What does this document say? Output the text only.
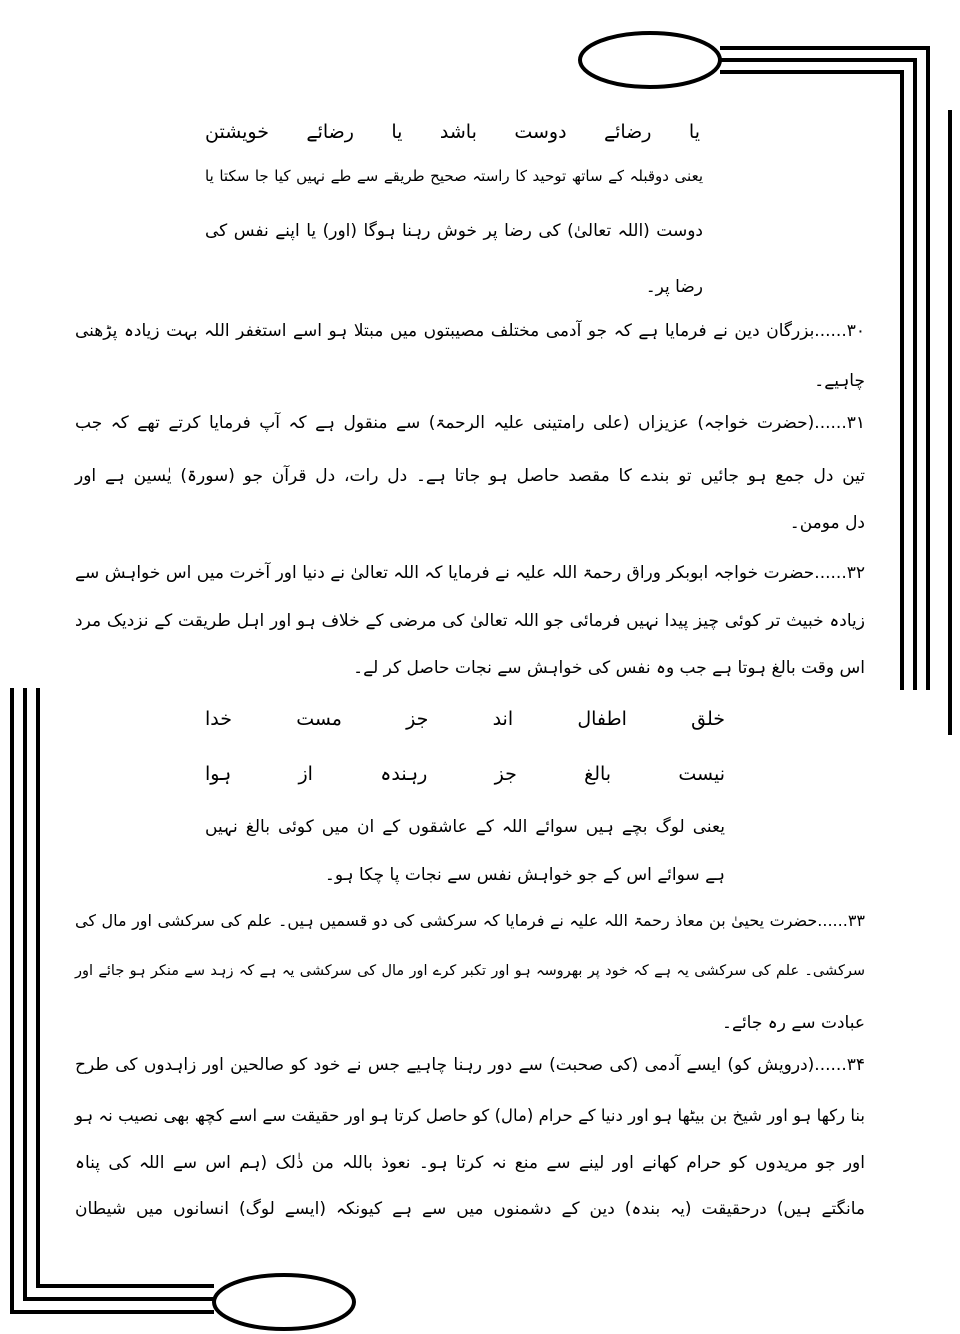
یا رضائے دوست باشد یا رضائے خویشتن
یعنی دوقبلہ کے ساتھ توحید کا راستہ صحیح طریقے سے طے نہیں کیا جا سکتا یا
دوست (اللہ تعالیٰ) کی رضا پر خوش رہنا ہوگا (اور) یا اپنے نفس کی
رضا پر۔
۳۰......بزرگان دین نے فرمایا ہے کہ جو آدمی مختلف مصیبتوں میں مبتلا ہو اسے استغفر اللہ بہت زیادہ پڑھنی
چاہیے۔
۳۱......(حضرت خواجہ) عزیزاں (علی رامتینی علیہ الرحمۃ) سے منقول ہے کہ آپ فرمایا کرتے تھے کہ جب
تین دل جمع ہو جائیں تو بندے کا مقصد حاصل ہو جاتا ہے۔ دل رات، دل قرآن جو (سورۃ) یٰسین ہے اور
دل مومن۔
۳۲......حضرت خواجہ ابوبکر وراق رحمۃ اللہ علیہ نے فرمایا کہ اللہ تعالیٰ نے دنیا اور آخرت میں اس خواہش سے
زیادہ خبیث تر کوئی چیز پیدا نہیں فرمائی جو اللہ تعالیٰ کی مرضی کے خلاف ہو اور اہل طریقت کے نزدیک مرد
اس وقت بالغ ہوتا ہے جب وہ نفس کی خواہش سے نجات حاصل کر لے۔
خلق اطفال اند جز مست خدا
نیست بالغ جز رہندہ از ہوا
یعنی لوگ بچے ہیں سوائے اللہ کے عاشقوں کے ان میں کوئی بالغ نہیں
ہے سوائے اس کے جو خواہش نفس سے نجات پا چکا ہو۔
۳۳......حضرت یحییٰ بن معاذ رحمۃ اللہ علیہ نے فرمایا کہ سرکشی کی دو قسمیں ہیں۔ علم کی سرکشی اور مال کی
سرکشی۔ علم کی سرکشی یہ ہے کہ خود پر بھروسہ ہو اور تکبر کرے اور مال کی سرکشی یہ ہے کہ زہد سے منکر ہو جائے اور
عبادت سے رہ جائے۔
۳۴......(درویش کو) ایسے آدمی (کی صحبت) سے دور رہنا چاہیے جس نے خود کو صالحین اور زاہدوں کی طرح
بنا رکھا ہو اور شیخ بن بیٹھا ہو اور دنیا کے حرام (مال) کو حاصل کرتا ہو اور حقیقت سے اسے کچھ بھی نصیب نہ ہو
اور جو مریدوں کو حرام کھانے اور لینے سے منع نہ کرتا ہو۔ نعوذ باللہ من ذٰلک (ہم اس سے اللہ کی پناہ
مانگتے ہیں) درحقیقت (یہ بندہ) دین کے دشمنوں میں سے ہے کیونکہ (ایسے لوگ) انسانوں میں شیطان
